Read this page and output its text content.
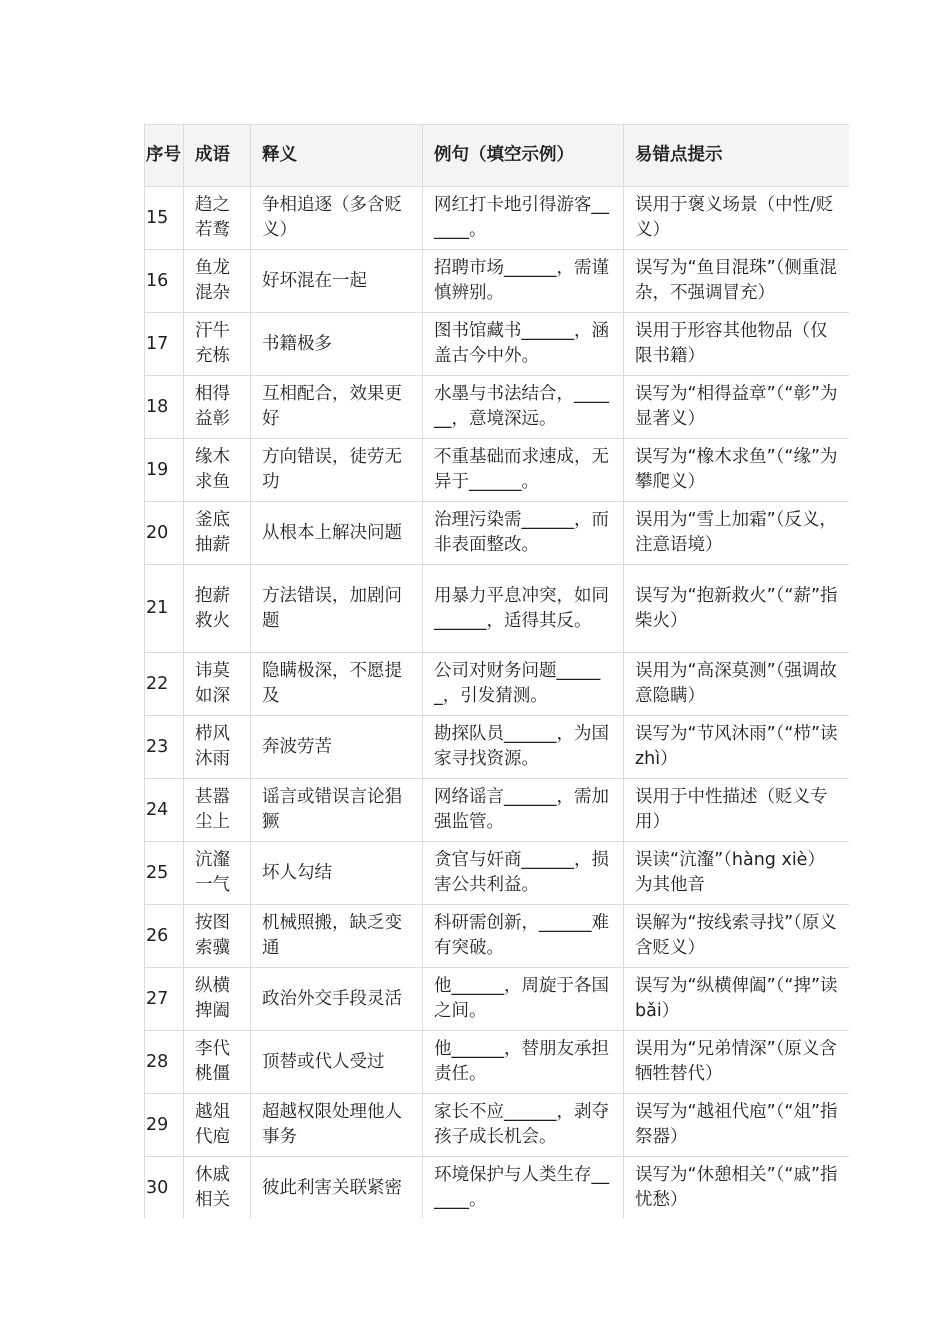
序号	成语	释义	例句（填空示例）	易错点提示
15	趋之若鹜	争相追逐（多含贬义）	网红打卡地引得游客______。	误用于褒义场景（中性/贬义）
16	鱼龙混杂	好坏混在一起	招聘市场______，需谨慎辨别。	误写为“鱼目混珠”（侧重混杂，不强调冒充）
17	汗牛充栋	书籍极多	图书馆藏书______，涵盖古今中外。	误用于形容其他物品（仅限书籍）
18	相得益彰	互相配合，效果更好	水墨与书法结合，______，意境深远。	误写为“相得益章”（“彰”为显著义）
19	缘木求鱼	方向错误，徒劳无功	不重基础而求速成，无异于______。	误写为“橡木求鱼”（“缘”为攀爬义）
20	釜底抽薪	从根本上解决问题	治理污染需______，而非表面整改。	误用为“雪上加霜”（反义，注意语境）
21	抱薪救火	方法错误，加剧问题	用暴力平息冲突，如同______，适得其反。	误写为“抱新救火”（“薪”指柴火）
22	讳莫如深	隐瞒极深，不愿提及	公司对财务问题______，引发猜测。	误用为“高深莫测”（强调故意隐瞒）
23	栉风沐雨	奔波劳苦	勘探队员______，为国家寻找资源。	误写为“节风沐雨”（“栉”读 zhì）
24	甚嚣尘上	谣言或错误言论猖獗	网络谣言______，需加强监管。	误用于中性描述（贬义专用）
25	沆瀣一气	坏人勾结	贪官与奸商______，损害公共利益。	误读“沆瀣”（hàng xiè）为其他音
26	按图索骥	机械照搬，缺乏变通	科研需创新，______难有突破。	误解为“按线索寻找”（原义含贬义）
27	纵横捭阖	政治外交手段灵活	他______，周旋于各国之间。	误写为“纵横俾阖”（“捭”读 bǎi）
28	李代桃僵	顶替或代人受过	他______，替朋友承担责任。	误用为“兄弟情深”（原义含牺牲替代）
29	越俎代庖	超越权限处理他人事务	家长不应______，剥夺孩子成长机会。	误写为“越祖代庖”（“俎”指祭器）
30	休戚相关	彼此利害关联紧密	环境保护与人类生存______。	误写为“休憩相关”（“戚”指忧愁）
